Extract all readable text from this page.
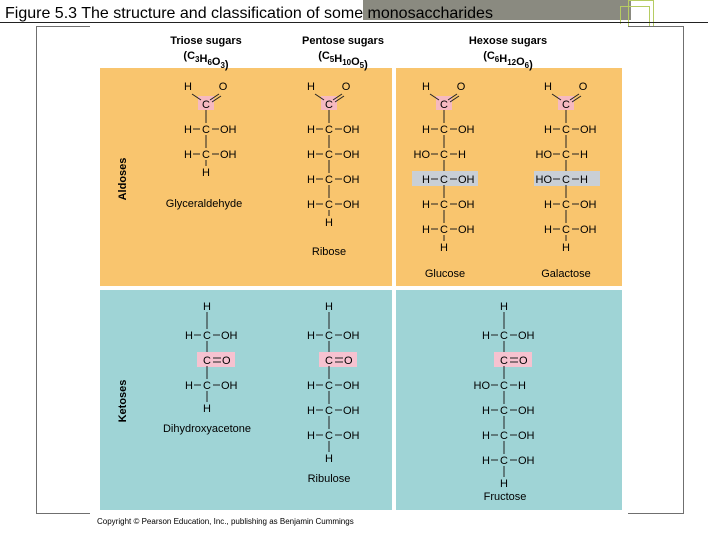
Figure 5.3 The structure and classification of some monosaccharides
Triose sugars
$(C_3H_6O_3)$
Pentose sugars
$(C_5H_{10}O_5)$
Hexose sugars
$(C_6H_{12}O_6)$
Aldoses
Ketoses
Glyceraldehyde
Ribose
Glucose	Galactose
Dihydroxyacetone
Ribulose
Fructose
C
H O
C
H	OH
C
H	OH
H
C
H O
C
H	OH
C
H	OH
C
H	OH
C
H	OH
H
C
H O
C
H	OH
C
HO	H
C
H	OH
C
H	OH
C
H	OH
H
C
H O
C
H	OH
C
HO	H
C
HO	H
C
H	OH
C
H	OH
H
H
C
H	OH
C O
C
H	OH
H
H
C
H	OH
C O
C
H	OH
C
H	OH
C
H	OH
H
H
C
H	OH
C O
C
HO	H
C
H	OH
C
H	OH
C
H	OH
H
Copyright © Pearson Education, Inc., publishing as Benjamin Cummings
